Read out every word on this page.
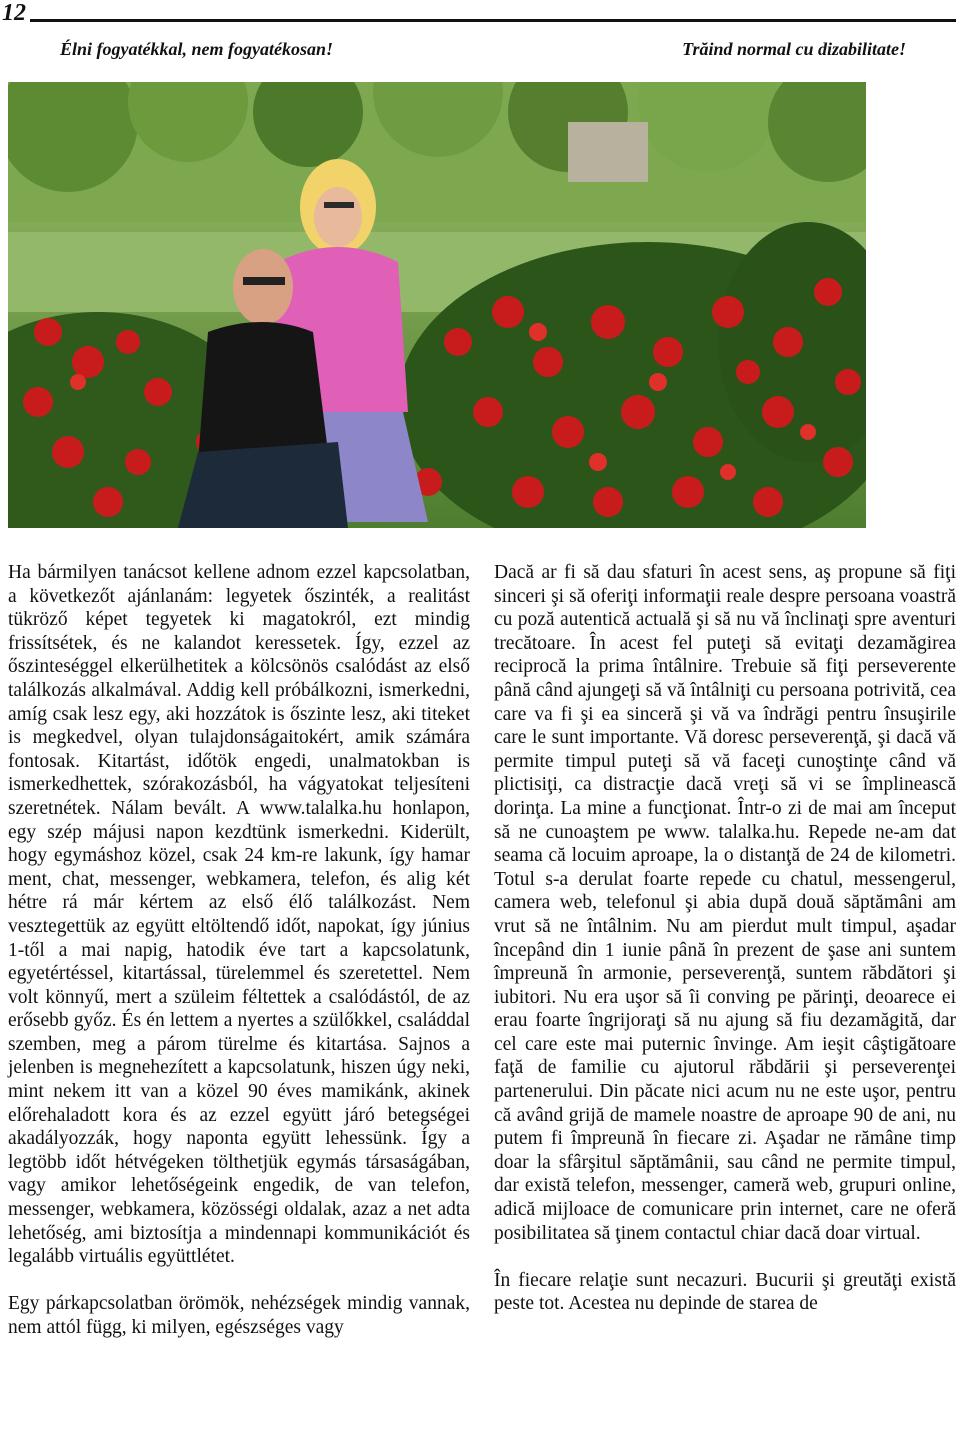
12
Élni fogyatékkal, nem fogyatékosan!	Trăind normal cu dizabilitate!

Ha bármilyen tanácsot kellene adnom ezzel kapcsolatban, a következőt ajánlanám: legyetek őszinték, a realitást tükröző képet tegyetek ki magatokról, ezt mindig frissítsétek, és ne kalandot keressetek. Így, ezzel az őszinteséggel elkerülhetitek a kölcsönös csalódást az első találkozás alkalmával. Addig kell próbálkozni, ismerkedni, amíg csak lesz egy, aki hozzátok is őszinte lesz, aki titeket is megkedvel, olyan tulajdonságaitokért, amik számára fontosak. Kitartást, időtök engedi, unalmatokban is ismerkedhettek, szórakozásból, ha vágyatokat teljesíteni szeretnétek. Nálam bevált. A www.talalka.hu honlapon, egy szép májusi napon kezdtünk ismerkedni. Kiderült, hogy egymáshoz közel, csak 24 km-re lakunk, így hamar ment, chat, messenger, webkamera, telefon, és alig két hétre rá már kértem az első élő találkozást. Nem vesztegettük az együtt eltöltendő időt, napokat, így június 1-től a mai napig, hatodik éve tart a kapcsolatunk, egyetértéssel, kitartással, türelemmel és szeretettel. Nem volt könnyű, mert a szüleim féltettek a csalódástól, de az erősebb győz. És én lettem a nyertes a szülőkkel, családdal szemben, meg a párom türelme és kitartása. Sajnos a jelenben is megnehezített a kapcsolatunk, hiszen úgy neki, mint nekem itt van a közel 90 éves mamikánk, akinek előrehaladott kora és az ezzel együtt járó betegségei akadályozzák, hogy naponta együtt lehessünk. Így a legtöbb időt hétvégeken tölthetjük egymás társaságában, vagy amikor lehetőségeink engedik, de van telefon, messenger, webkamera, közösségi oldalak, azaz a net adta lehetőség, ami biztosítja a mindennapi kommunikációt és legalább virtuális együttlétet.

Egy párkapcsolatban örömök, nehézségek mindig vannak, nem attól függ, ki milyen, egészséges vagy

Dacă ar fi să dau sfaturi în acest sens, aş propune să fiţi sinceri şi să oferiţi informaţii reale despre persoana voastră cu poză autentică actuală şi să nu vă înclinaţi spre aventuri trecătoare. În acest fel puteţi să evitaţi dezamăgirea reciprocă la prima întâlnire. Trebuie să fiţi perseverente până când ajungeţi să vă întâlniţi cu persoana potrivită, cea care va fi şi ea sinceră şi vă va îndrăgi pentru însuşirile care le sunt importante. Vă doresc perseverenţă, şi dacă vă permite timpul puteţi să vă faceţi cunoştinţe când vă plictisiţi, ca distracţie dacă vreţi să vi se împlinească dorinţa. La mine a funcţionat. Într-o zi de mai am început să ne cunoaştem pe www. talalka.hu. Repede ne-am dat seama că locuim aproape, la o distanţă de 24 de kilometri. Totul s-a derulat foarte repede cu chatul, messengerul, camera web, telefonul şi abia după două săptămâni am vrut să ne întâlnim. Nu am pierdut mult timpul, aşadar începând din 1 iunie până în prezent de şase ani suntem împreună în armonie, perseverenţă, suntem răbdători şi iubitori. Nu era uşor să îi conving pe părinţi, deoarece ei erau foarte îngrijoraţi să nu ajung să fiu dezamăgită, dar cel care este mai puternic învinge. Am ieşit câştigătoare faţă de familie cu ajutorul răbdării şi perseverenţei partenerului. Din păcate nici acum nu ne este uşor, pentru că având grijă de mamele noastre de aproape 90 de ani, nu putem fi împreună în fiecare zi. Aşadar ne rămâne timp doar la sfârşitul săptămânii, sau când ne permite timpul, dar există telefon, messenger, cameră web, grupuri online, adică mijloace de comunicare prin internet, care ne oferă posibilitatea să ţinem contactul chiar dacă doar virtual.

În fiecare relaţie sunt necazuri. Bucurii şi greutăţi există peste tot. Acestea nu depinde de starea de
